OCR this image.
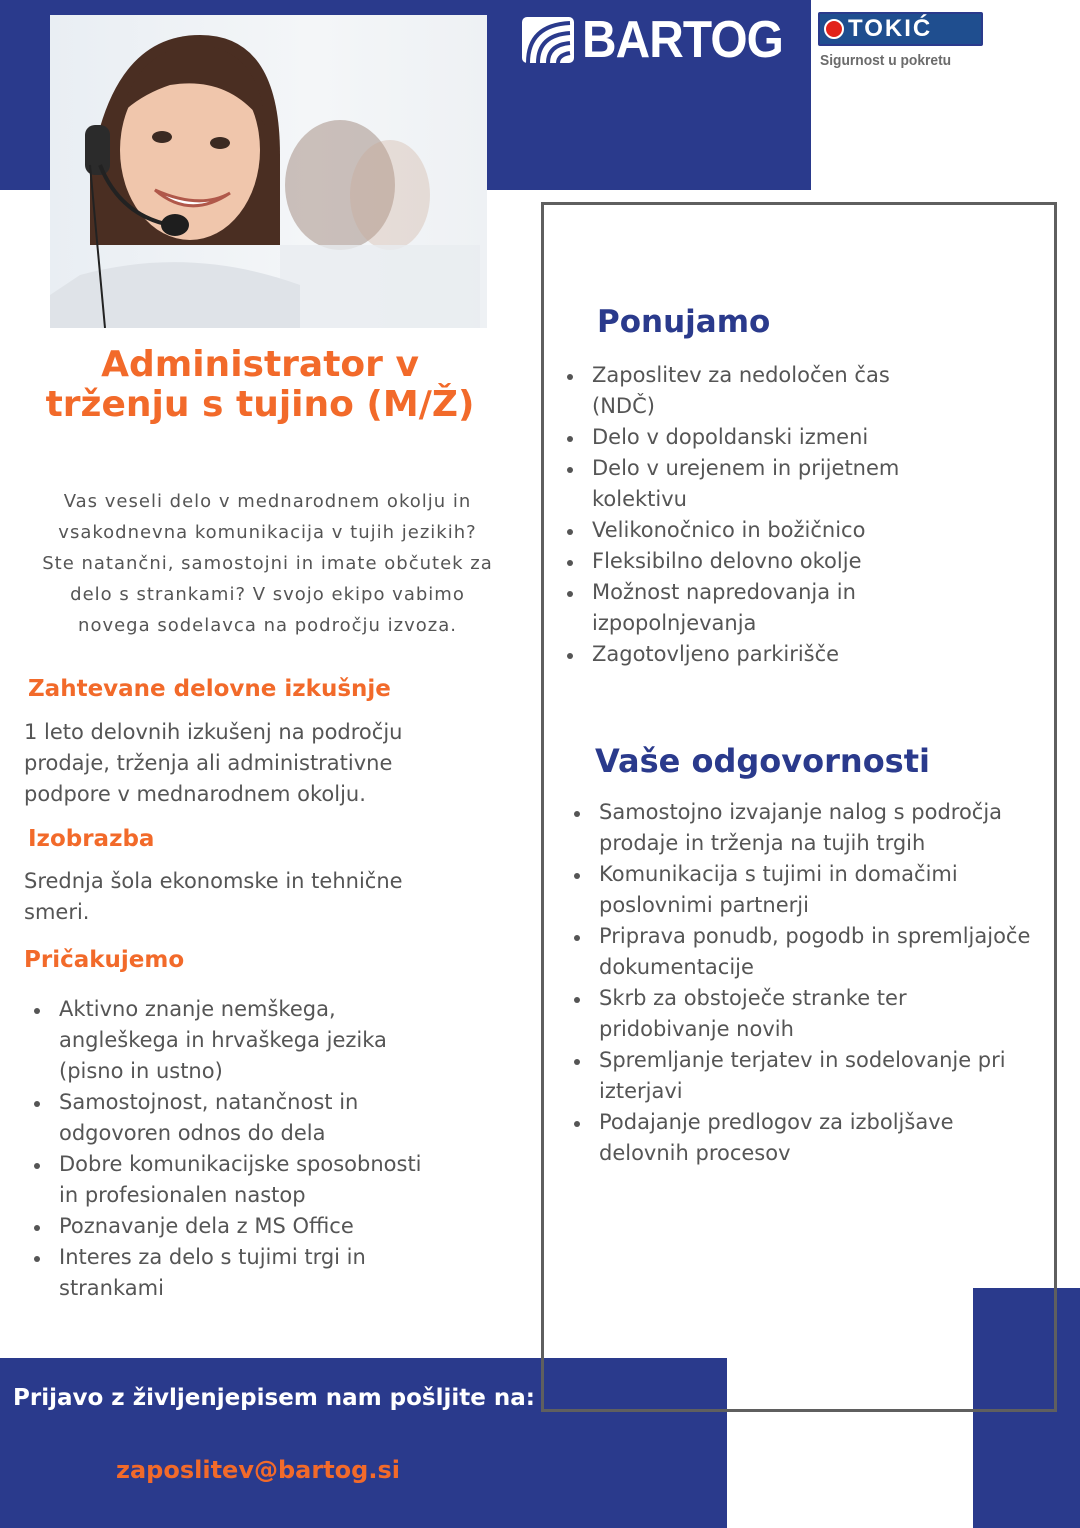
BARTOG	TOKIĆ
Sigurnost u pokretu
Administrator v trženju s tujino (M/Ž)
Vas veseli delo v mednarodnem okolju in vsakodnevna komunikacija v tujih jezikih? Ste natančni, samostojni in imate občutek za delo s strankami? V svojo ekipo vabimo novega sodelavca na področju izvoza.
Zahtevane delovne izkušnje
1 leto delovnih izkušenj na področju prodaje, trženja ali administrativne podpore v mednarodnem okolju.
Izobrazba
Srednja šola ekonomske in tehnične smeri.
Pričakujemo
Aktivno znanje nemškega, angleškega in hrvaškega jezika (pisno in ustno)
Samostojnost, natančnost in odgovoren odnos do dela
Dobre komunikacijske sposobnosti in profesionalen nastop
Poznavanje dela z MS Office
Interes za delo s tujimi trgi in strankami
Ponujamo
Zaposlitev za nedoločen čas (NDČ)
Delo v dopoldanski izmeni
Delo v urejenem in prijetnem kolektivu
Velikonočnico in božičnico
Fleksibilno delovno okolje
Možnost napredovanja in izpopolnjevanja
Zagotovljeno parkirišče
Vaše odgovornosti
Samostojno izvajanje nalog s področja prodaje in trženja na tujih trgih
Komunikacija s tujimi in domačimi poslovnimi partnerji
Priprava ponudb, pogodb in spremljajoče dokumentacije
Skrb za obstoječe stranke ter pridobivanje novih
Spremljanje terjatev in sodelovanje pri izterjavi
Podajanje predlogov za izboljšave delovnih procesov
Prijavo z življenjepisem nam pošljite na:
zaposlitev@bartog.si
